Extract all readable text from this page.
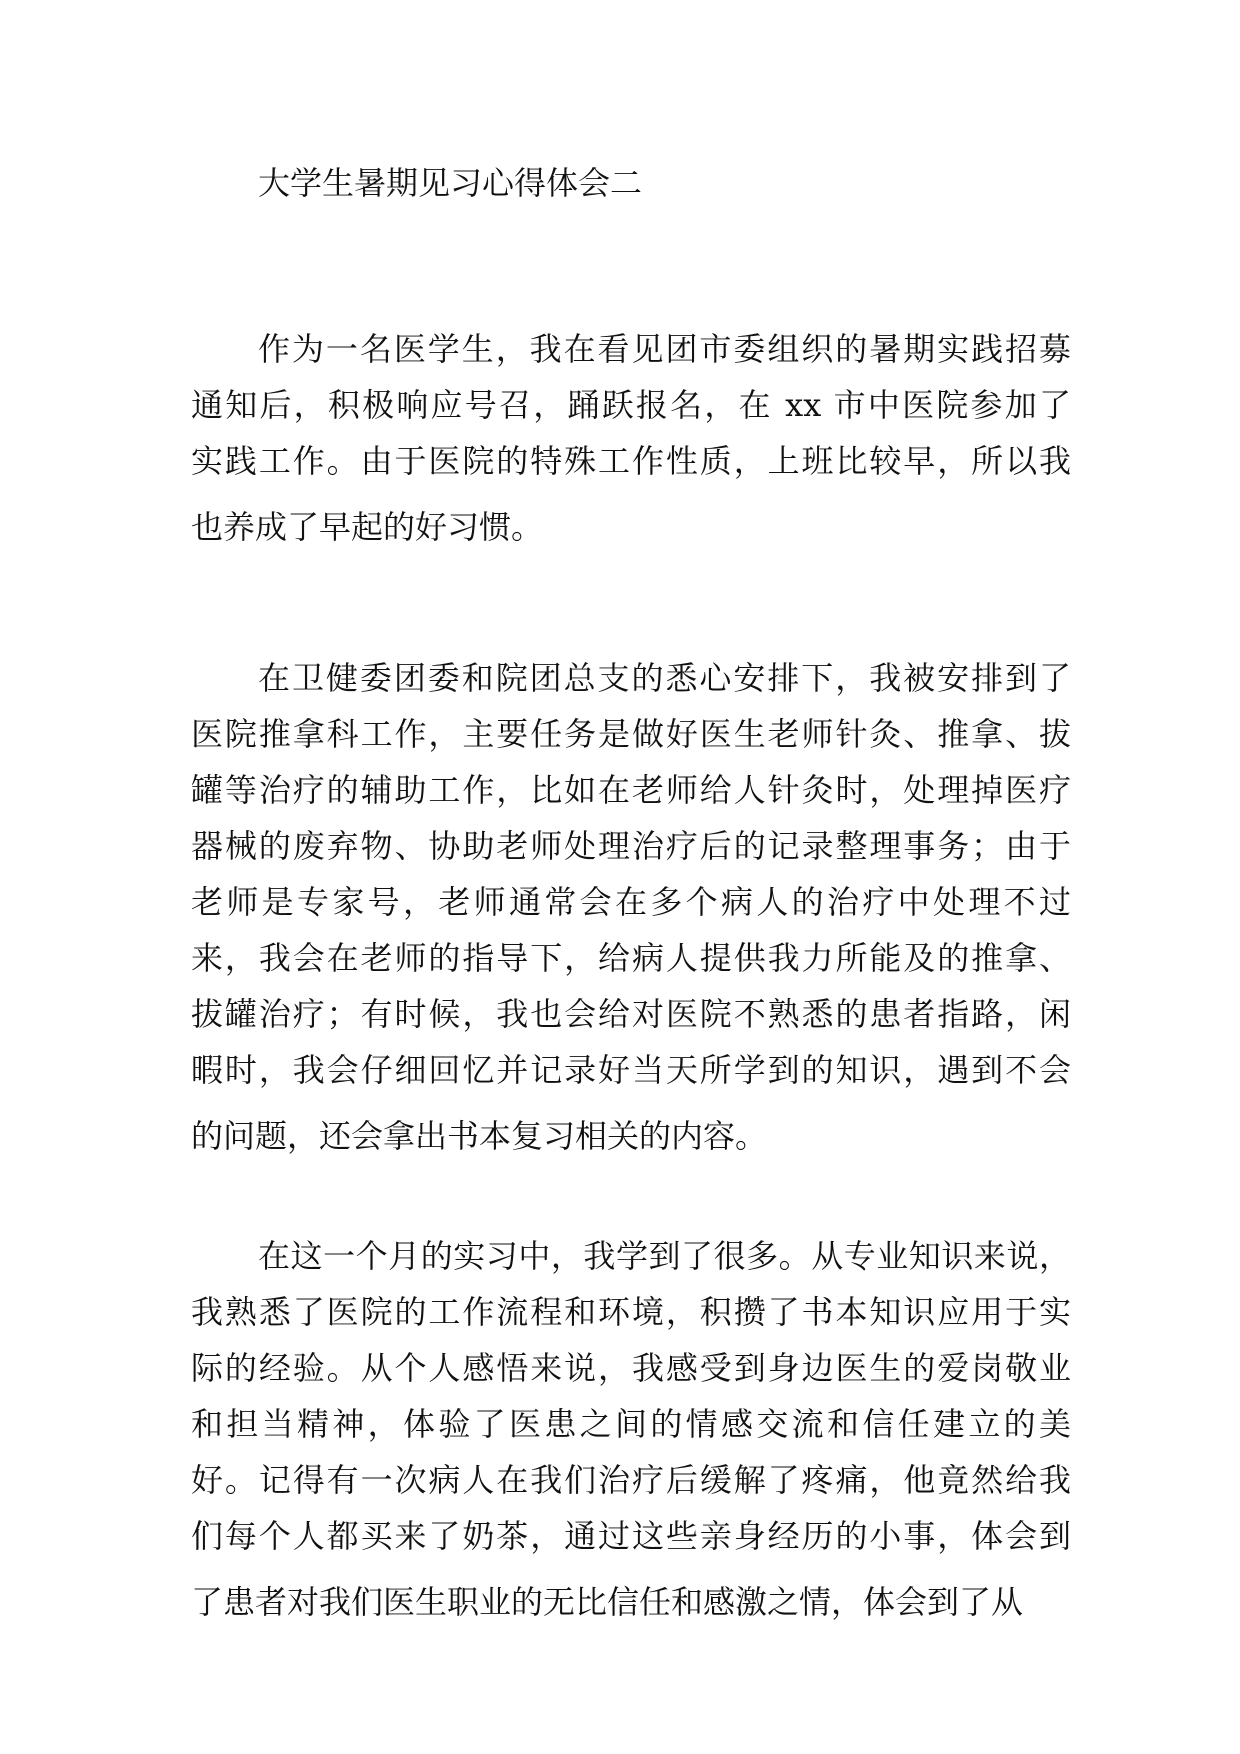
大学生暑期见习心得体会二
作为一名医学生，我在看见团市委组织的暑期实践招募
通知后，积极响应号召，踊跃报名，在 xx 市中医院参加了
实践工作。由于医院的特殊工作性质，上班比较早，所以我
也养成了早起的好习惯。
在卫健委团委和院团总支的悉心安排下，我被安排到了
医院推拿科工作，主要任务是做好医生老师针灸、推拿、拔
罐等治疗的辅助工作，比如在老师给人针灸时，处理掉医疗
器械的废弃物、协助老师处理治疗后的记录整理事务；由于
老师是专家号，老师通常会在多个病人的治疗中处理不过
来，我会在老师的指导下，给病人提供我力所能及的推拿、
拔罐治疗；有时候，我也会给对医院不熟悉的患者指路，闲
暇时，我会仔细回忆并记录好当天所学到的知识，遇到不会
的问题，还会拿出书本复习相关的内容。
在这一个月的实习中，我学到了很多。从专业知识来说，
我熟悉了医院的工作流程和环境，积攒了书本知识应用于实
际的经验。从个人感悟来说，我感受到身边医生的爱岗敬业
和担当精神，体验了医患之间的情感交流和信任建立的美
好。记得有一次病人在我们治疗后缓解了疼痛，他竟然给我
们每个人都买来了奶茶，通过这些亲身经历的小事，体会到
了患者对我们医生职业的无比信任和感激之情，体会到了从
